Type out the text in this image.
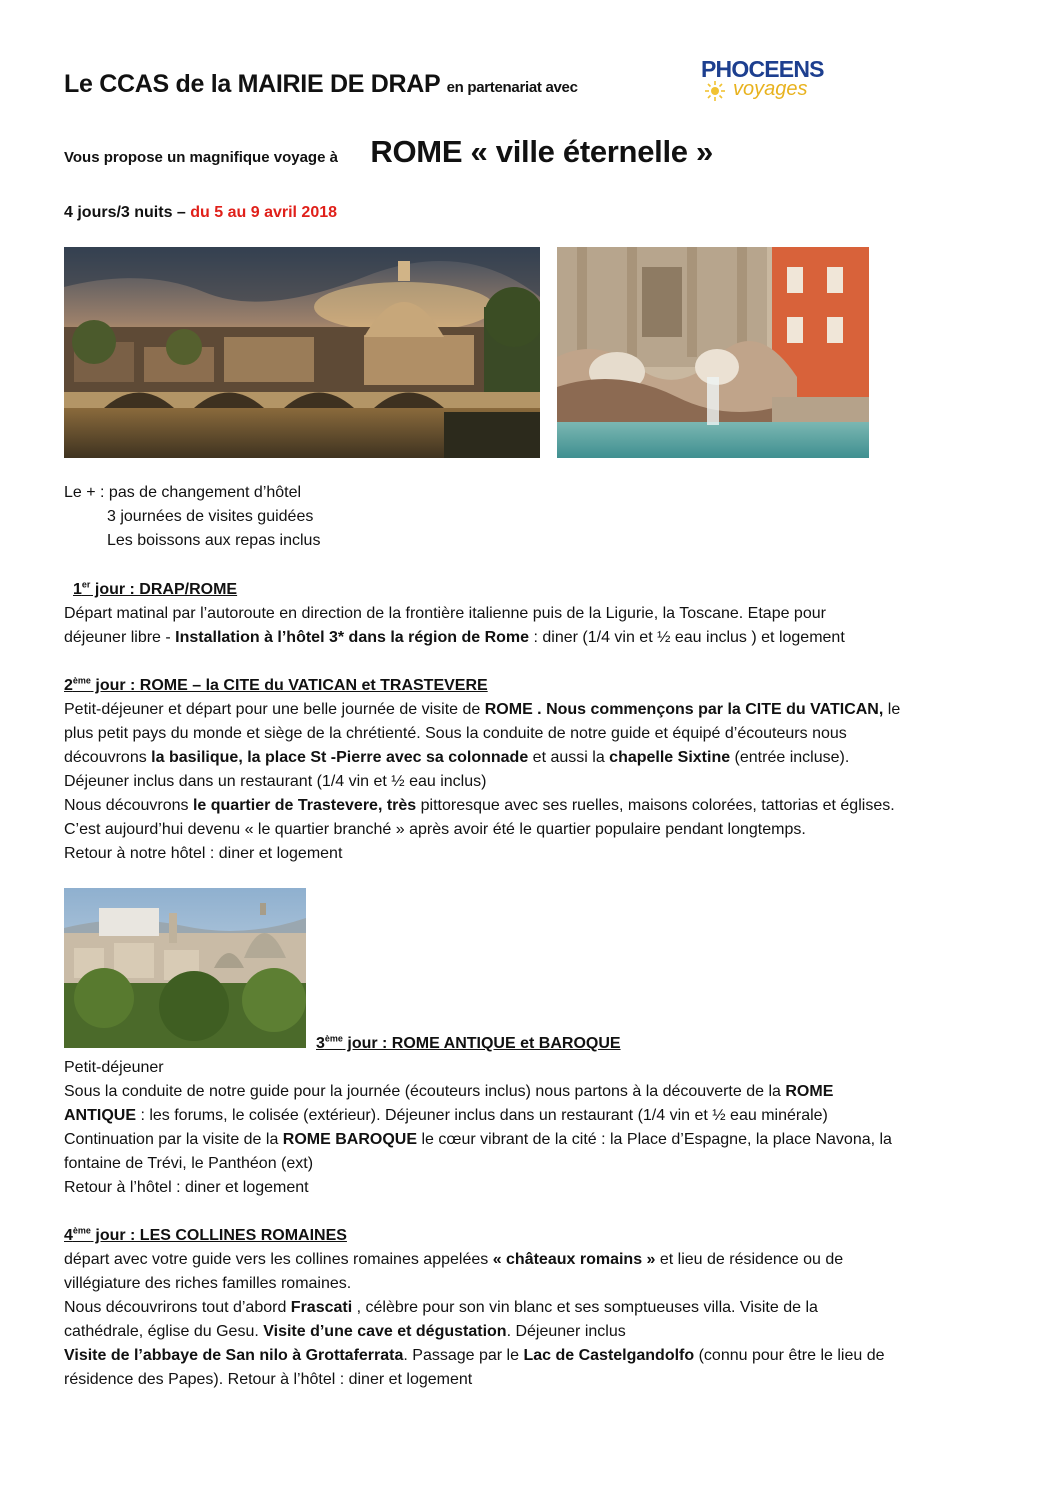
Le CCAS de la MAIRIE DE DRAP en partenariat avec
PHOCEENS
voyages
Vous propose un magnifique voyage à ROME « ville éternelle »
4 jours/3 nuits – du 5 au 9 avril 2018
Le + : pas de changement d’hôtel
3 journées de visites guidées
Les boissons aux repas inclus
1er jour : DRAP/ROME
Départ matinal par l’autoroute en direction de la frontière italienne puis de la Ligurie, la Toscane. Etape pour
déjeuner libre - Installation à l’hôtel 3* dans la région de Rome : diner (1/4 vin et ½ eau inclus ) et logement
2ème jour : ROME – la CITE du VATICAN et TRASTEVERE
Petit-déjeuner et départ pour une belle journée de visite de ROME . Nous commençons par la CITE du VATICAN, le
plus petit pays du monde et siège de la chrétienté. Sous la conduite de notre guide et équipé d’écouteurs nous
découvrons la basilique, la place St -Pierre avec sa colonnade et aussi la chapelle Sixtine (entrée incluse).
Déjeuner inclus dans un restaurant (1/4 vin et ½ eau inclus)
Nous découvrons le quartier de Trastevere, très pittoresque avec ses ruelles, maisons colorées, tattorias et églises.
C’est aujourd’hui devenu « le quartier branché » après avoir été le quartier populaire pendant longtemps.
Retour à notre hôtel : diner et logement
3ème jour : ROME ANTIQUE et BAROQUE
Petit-déjeuner
Sous la conduite de notre guide pour la journée (écouteurs inclus) nous partons à la découverte de la ROME
ANTIQUE : les forums, le colisée (extérieur). Déjeuner inclus dans un restaurant (1/4 vin et ½ eau minérale)
Continuation par la visite de la ROME BAROQUE le cœur vibrant de la cité : la Place d’Espagne, la place Navona, la
fontaine de Trévi, le Panthéon (ext)
Retour à l’hôtel : diner et logement
4ème jour : LES COLLINES ROMAINES
départ avec votre guide vers les collines romaines appelées « châteaux romains » et lieu de résidence ou de
villégiature des riches familles romaines.
Nous découvrirons tout d’abord Frascati , célèbre pour son vin blanc et ses somptueuses villa. Visite de la
cathédrale, église du Gesu. Visite d’une cave et dégustation. Déjeuner inclus
Visite de l’abbaye de San nilo à Grottaferrata. Passage par le Lac de Castelgandolfo (connu pour être le lieu de
résidence des Papes). Retour à l’hôtel : diner et logement
